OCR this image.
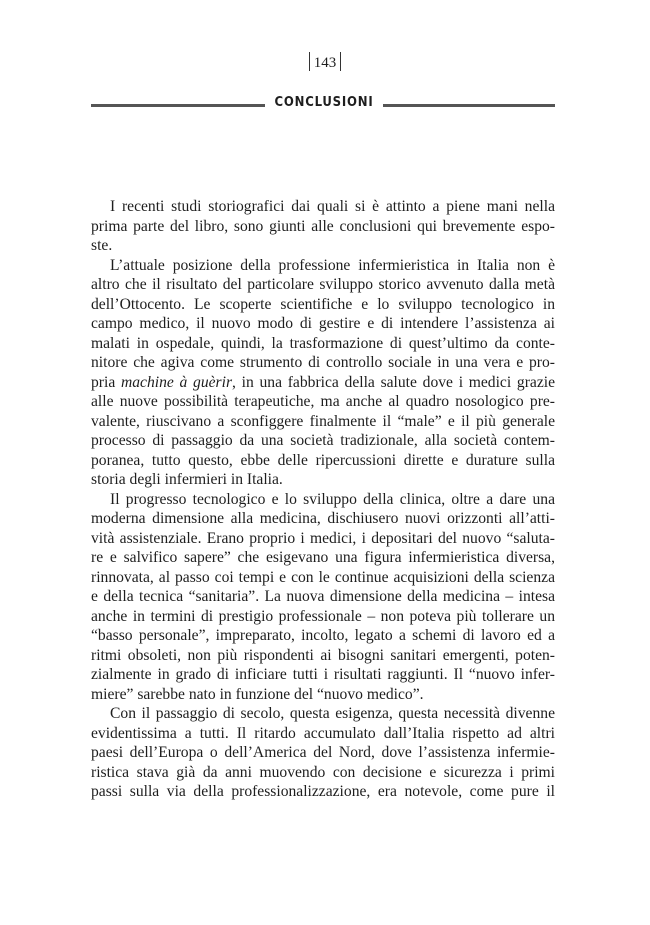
143
CONCLUSIONI
I recenti studi storiografici dai quali si è attinto a piene mani nella
prima parte del libro, sono giunti alle conclusioni qui brevemente espo-
ste.
L’attuale posizione della professione infermieristica in Italia non è
altro che il risultato del particolare sviluppo storico avvenuto dalla metà
dell’Ottocento. Le scoperte scientifiche e lo sviluppo tecnologico in
campo medico, il nuovo modo di gestire e di intendere l’assistenza ai
malati in ospedale, quindi, la trasformazione di quest’ultimo da conte-
nitore che agiva come strumento di controllo sociale in una vera e pro-
pria machine à guèrir, in una fabbrica della salute dove i medici grazie
alle nuove possibilità terapeutiche, ma anche al quadro nosologico pre-
valente, riuscivano a sconfiggere finalmente il “male” e il più generale
processo di passaggio da una società tradizionale, alla società contem-
poranea, tutto questo, ebbe delle ripercussioni dirette e durature sulla
storia degli infermieri in Italia.
Il progresso tecnologico e lo sviluppo della clinica, oltre a dare una
moderna dimensione alla medicina, dischiusero nuovi orizzonti all’atti-
vità assistenziale. Erano proprio i medici, i depositari del nuovo “saluta-
re e salvifico sapere” che esigevano una figura infermieristica diversa,
rinnovata, al passo coi tempi e con le continue acquisizioni della scienza
e della tecnica “sanitaria”. La nuova dimensione della medicina – intesa
anche in termini di prestigio professionale – non poteva più tollerare un
“basso personale”, impreparato, incolto, legato a schemi di lavoro ed a
ritmi obsoleti, non più rispondenti ai bisogni sanitari emergenti, poten-
zialmente in grado di inficiare tutti i risultati raggiunti. Il “nuovo infer-
miere” sarebbe nato in funzione del “nuovo medico”.
Con il passaggio di secolo, questa esigenza, questa necessità divenne
evidentissima a tutti. Il ritardo accumulato dall’Italia rispetto ad altri
paesi dell’Europa o dell’America del Nord, dove l’assistenza infermie-
ristica stava già da anni muovendo con decisione e sicurezza i primi
passi sulla via della professionalizzazione, era notevole, come pure il
